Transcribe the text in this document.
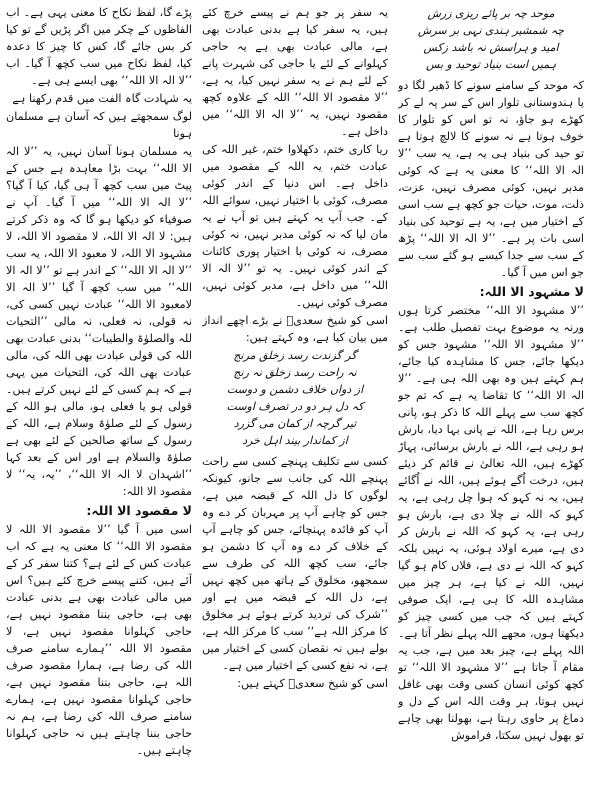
پڑے گا، لفظ نکاح کا معنی یہی ہے۔ اب الفاظوں کے چکر میں اگر پڑیں گے تو کیا کر بس جائے گا، کس کا چیز کا دعدہ کیا، لفظ نکاح میں سب کچھ آ گیا۔ اب ’’لا الہ الا اللہ‘‘ بھی ایسے ہی ہے۔

یہ شہادت گاہ الفت میں قدم رکھنا ہے

لوگ سمجھتے ہیں کہ آسان ہے مسلمان ہونا

یہ مسلمان ہونا آسان نہیں، یہ ’’لا الہ الا اللہ‘‘ بہت بڑا معاہدہ ہے جس کے پیٹ میں سب کچھ آ ہی گیا، کیا آ گیا؟ ’’لا الہ الا اللہ‘‘ میں آ گیا۔ آپ نے صوفیاء کو دیکھا ہو گا کہ وہ ذکر کرتے ہیں: لا الہ الا اللہ، لا مقصود الا اللہ، لا مشہود الا اللہ، لا معبود الا اللہ، یہ سب ’’لا الہ الا اللہ‘‘ کے اندر ہے تو ’’لا الہ الا اللہ‘‘ میں سب کچھ آ گیا ’’لا الہ الا لامعبود الا اللہ‘‘ عبادت نہیں کسی کی، نہ قولی، نہ فعلی، نہ مالی ’’التحیات للہ والصلوٰۃ والطیبات‘‘ بدنی عبادت بھی اللہ کی قولی عبادت بھی اللہ کی، مالی عبادت بھی اللہ کی، التحیات میں یہی ہے کہ ہم کسی کے لئے نہیں کرتے ہیں۔ قولی ہو یا فعلی ہو، مالی ہو اللہ کے رسول کے لئے صلوٰۃ وسلام ہے، اللہ کے رسول کے ساتھ صالحین کے لئے بھی ہے صلوٰۃ والسلام ہے اور اس کے بعد کہا ’’اشہدان لا الہ الا اللہ‘‘، ’’یہ، یہ‘‘ لا مقصود الا اللہ:

لا مقصود الا اللہ:

اسی میں آ گیا ’’لا مقصود الا اللہ لا مقصود الا اللہ‘‘ کا معنی یہ ہے کہ اب عبادت کس کے لئے ہے؟ کتنا سفر کر کے آئے ہیں، کتنے پیسے خرچ کئے ہیں؟ اس میں مالی عبادت بھی ہے بدنی عبادت بھی ہے، حاجی بننا مقصود نہیں ہے، حاجی کہلوانا مقصود نہیں ہے، لا مقصود الا اللہ ’’ہمارے سامنے صرف اللہ کی رضا ہے، ہمارا مقصود صرف اللہ ہے، حاجی بننا مقصود نہیں ہے، حاجی کہلوانا مقصود نہیں ہے، ہمارے سامنے صرف اللہ کی رضا ہے، ہم نہ حاجی بننا چاہتے ہیں نہ حاجی کہلوانا چاہتے ہیں۔

یہ سفر پر جو ہم نے پیسے خرچ کئے ہیں، یہ سفر کیا ہے بدنی عبادت بھی ہے، مالی عبادت بھی ہے یہ حاجی کہلوانے کے لئے یا حاجی کی شہرت پانے کے لئے ہم نے یہ سفر نہیں کیا، یہ ہے، ’’لا مقصود الا اللہ‘‘ اللہ کے علاوہ کچھ مقصود نہیں، یہ ’’لا الہ الا اللہ‘‘ میں داخل ہے۔

ریا کاری ختم، دکھلاوا ختم، غیر اللہ کی عبادت ختم، یہ اللہ کے مقصود میں داخل ہے۔ اس دنیا کے اندر کوئی مصرف، کوئی با اختیار نہیں، سوائے اللہ کے۔ جب آپ یہ کہتے ہیں تو آپ نے یہ مان لیا کہ نہ کوئی مدبر نہیں، نہ کوئی مصرف، نہ کوئی با اختیار پوری کائنات کے اندر کوئی نہیں۔ یہ تو ’’لا الہ الا اللہ‘‘ میں داخل ہے، مدبر کوئی نہیں، مصرف کوئی نہیں۔

اسی کو شیخ سعدیؒ نے بڑے اچھے انداز میں بیان کیا ہے، وہ کہتے ہیں:

گر گزندت رسد زخلق مرنج
نہ راحت رسد زخلق نہ رنج
از دواں خلاف دشمن و دوست
کہ دل ہر دو در تصرف اوست
تیر گرچہ از کمان می گزرد
از کماندار بیند اہل خرد

کسی سے تکلیف پہنچے کسی سے راحت پہنچے اللہ کی جانب سے جانو، کیونکہ لوگوں کا دل اللہ کے قبضہ میں ہے، جس کو چاہے آپ پر مہربان کر دے وہ آپ کو فائدہ پہنچائے، جس کو چاہے آپ کے خلاف کر دے وہ آپ کا دشمن ہو جائے، سب کچھ اللہ کی طرف سے سمجھو، مخلوق کے ہاتھ میں کچھ نہیں ہے، دل اللہ کے قبضہ میں ہے اور ’’شرک کی تردید کرتے ہوئے ہر مخلوق کا مرکز اللہ ہے‘‘ سب کا مرکز اللہ ہے، بولے ہیں نہ نقصان کسی کے اختیار میں ہے، نہ نفع کسی کے اختیار میں ہے۔

اسی کو شیخ سعدیؒ کہتے ہیں:

موحد چہ بر پائے ریزی زرش
چہ شمشیر ہندی نہی بر سرش
امید و ہراسش نہ باشد زکس
ہمیں است بنیاد توحید و بس

کہ موحد کے سامنے سونے کا ڈھیر لگا دو یا ہندوستانی تلوار اس کے سر پہ لے کر کھڑے ہو جاؤ، نہ تو اس کو تلوار کا خوف ہوتا ہے نہ سونے کا لالچ ہوتا ہے تو حید کی بنیاد ہی یہ ہے، یہ سب ’’لا الہ الا اللہ‘‘ کا معنی یہ ہے کہ کوئی مدبر نہیں، کوئی مصرف نہیں، عزت، ذلت، موت، حیات جو کچھ ہے سب اسی کے اختیار میں ہے، یہ ہے توحید کی بنیاد اسی بات پر ہے۔ ’’لا الہ الا اللہ‘‘ پڑھ کے سب سے جدا کیسے ہو گئے سب سے جو اس میں آ گیا۔

لا مشہود الا اللہ:

’’لا مشہود الا اللہ‘‘ مختصر کرتا ہوں ورنہ یہ موضوع بہت تفصیل طلب ہے۔ ’’لا مشہود الا اللہ‘‘ مشہود جس کو دیکھا جائے، جس کا مشاہدہ کیا جائے، ہم کہتے ہیں وہ بھی اللہ ہی ہے۔ ’’لا الہ الا اللہ‘‘ کا تقاضا یہ ہے کہ تم جو کچھ سب سے پہلے اللہ کا ذکر ہو، پانی برس رہا ہے، اللہ نے پانی بہا دیا، بارش ہو رہی ہے، اللہ نے بارش برسائی، پہاڑ کھڑے ہیں، اللہ تعالیٰ نے قائم کر دیئے ہیں، درخت اُگے ہوئے ہیں، اللہ نے اُگائے ہیں، یہ نہ کہو کہ ہوا چل رہی ہے، یہ کہو کہ اللہ نے چلا دی ہے، بارش ہو رہی ہے، یہ کہو کہ اللہ نے بارش کر دی ہے، میرے اولاد ہوئی، یہ نہیں بلکہ کہو کہ اللہ نے دی ہے، فلاں کام ہو گیا نہیں، اللہ نے کیا ہے، ہر چیز میں مشاہدہ اللہ کا ہی ہے، ایک صوفی کہتے ہیں کہ جب میں کسی چیز کو دیکھتا ہوں، مجھے اللہ پہلے نظر آتا ہے۔ اللہ پہلے ہے، چیز بعد میں ہے، جب یہ مقام آ جاتا ہے ’’لا مشہود الا اللہ‘‘ تو کچھ کوئی انسان کسی وقت بھی غافل نہیں ہوتا، ہر وقت اللہ اس کے دل و دماغ پر حاوی رہتا ہے، بھولنا بھی چاہے تو بھول نہیں سکتا، فراموش
